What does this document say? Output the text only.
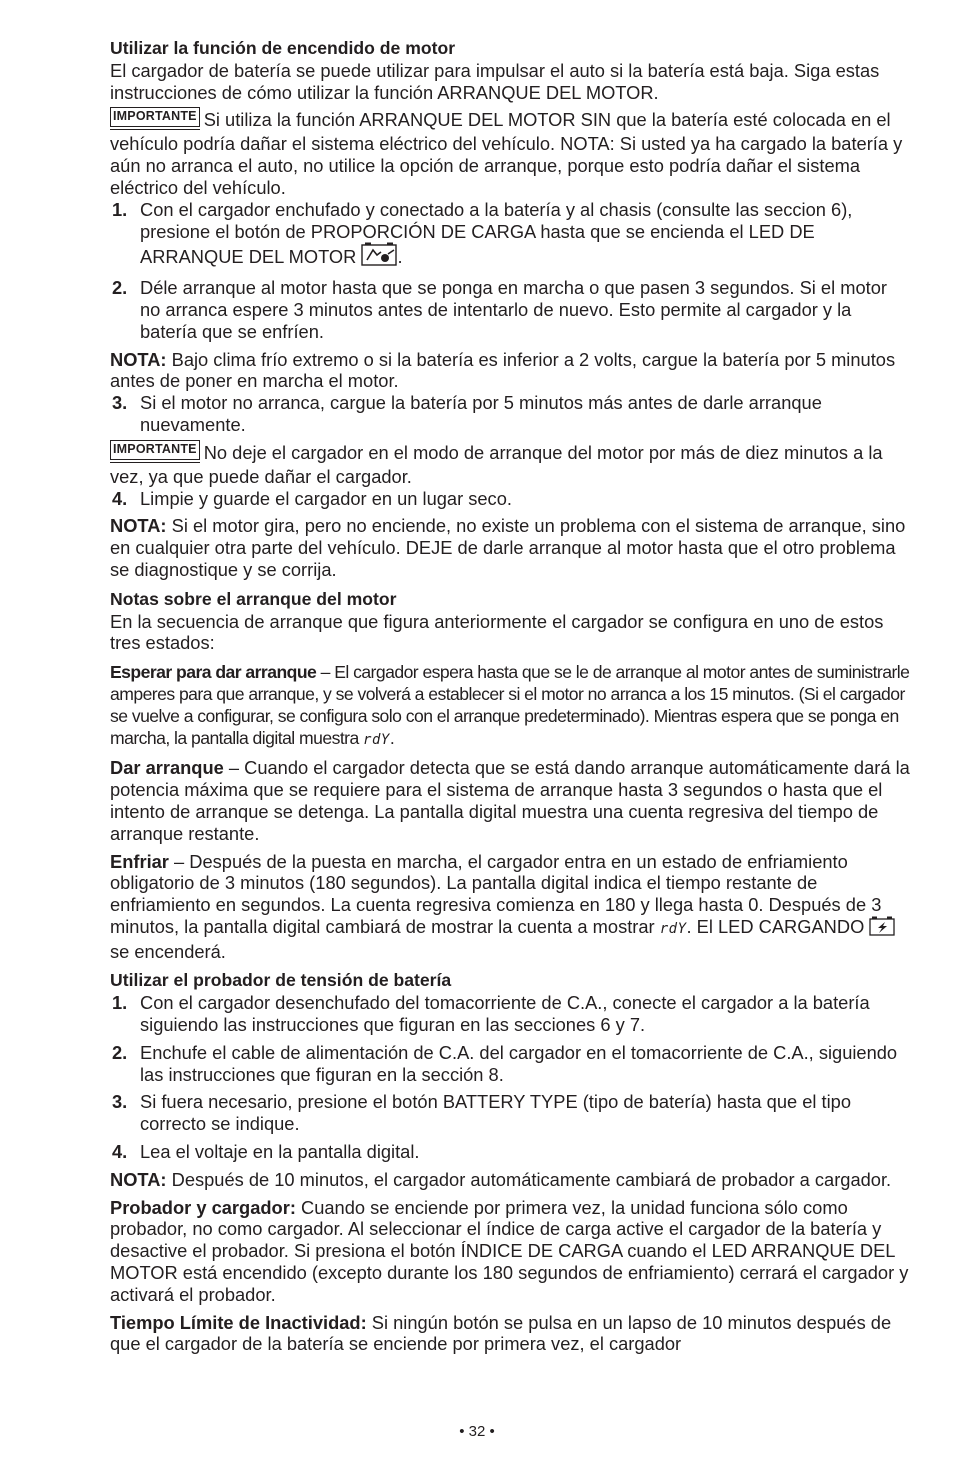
Utilizar la función de encendido de motor

El cargador de batería se puede utilizar para impulsar el auto si la batería está baja. Siga estas instrucciones de cómo utilizar la función ARRANQUE DEL MOTOR.

IMPORTANTE Si utiliza la función ARRANQUE DEL MOTOR SIN que la batería esté colocada en el vehículo podría dañar el sistema eléctrico del vehículo. NOTA: Si usted ya ha cargado la batería y aún no arranca el auto, no utilice la opción de arranque, porque esto podría dañar el sistema eléctrico del vehículo.

1. Con el cargador enchufado y conectado a la batería y al chasis (consulte las seccion 6), presione el botón de PROPORCIÓN DE CARGA hasta que se encienda el LED DE ARRANQUE DEL MOTOR .
2. Déle arranque al motor hasta que se ponga en marcha o que pasen 3 segundos. Si el motor no arranca espere 3 minutos antes de intentarlo de nuevo. Esto permite al cargador y la batería que se enfríen.

NOTA: Bajo clima frío extremo o si la batería es inferior a 2 volts, cargue la batería por 5 minutos antes de poner en marcha el motor.

3. Si el motor no arranca, cargue la batería por 5 minutos más antes de darle arranque nuevamente.

IMPORTANTE No deje el cargador en el modo de arranque del motor por más de diez minutos a la vez, ya que puede dañar el cargador.

4. Limpie y guarde el cargador en un lugar seco.

NOTA: Si el motor gira, pero no enciende, no existe un problema con el sistema de arranque, sino en cualquier otra parte del vehículo. DEJE de darle arranque al motor hasta que el otro problema se diagnostique y se corrija.

Notas sobre el arranque del motor

En la secuencia de arranque que figura anteriormente el cargador se configura en uno de estos tres estados:

Esperar para dar arranque – El cargador espera hasta que se le de arranque al motor antes de suministrarle amperes para que arranque, y se volverá a establecer si el motor no arranca a los 15 minutos. (Si el cargador se vuelve a configurar, se configura solo con el arranque predeterminado). Mientras espera que se ponga en marcha, la pantalla digital muestra rdY.

Dar arranque – Cuando el cargador detecta que se está dando arranque automáticamente dará la potencia máxima que se requiere para el sistema de arranque hasta 3 segundos o hasta que el intento de arranque se detenga. La pantalla digital muestra una cuenta regresiva del tiempo de arranque restante.

Enfriar – Después de la puesta en marcha, el cargador entra en un estado de enfriamiento obligatorio de 3 minutos (180 segundos). La pantalla digital indica el tiempo restante de enfriamiento en segundos. La cuenta regresiva comienza en 180 y llega hasta 0. Después de 3 minutos, la pantalla digital cambiará de mostrar la cuenta a mostrar rdY. El LED CARGANDO  se encenderá.

Utilizar el probador de tensión de batería

1. Con el cargador desenchufado del tomacorriente de C.A., conecte el cargador a la batería siguiendo las instrucciones que figuran en las secciones 6 y 7.
2. Enchufe el cable de alimentación de C.A. del cargador en el tomacorriente de C.A., siguiendo las instrucciones que figuran en la sección 8.
3. Si fuera necesario, presione el botón BATTERY TYPE (tipo de batería) hasta que el tipo correcto se indique.
4. Lea el voltaje en la pantalla digital.

NOTA: Después de 10 minutos, el cargador automáticamente cambiará de probador a cargador.

Probador y cargador: Cuando se enciende por primera vez, la unidad funciona sólo como probador, no como cargador. Al seleccionar el índice de carga active el cargador de la batería y desactive el probador. Si presiona el botón ÍNDICE DE CARGA cuando el LED ARRANQUE DEL MOTOR está encendido (excepto durante los 180 segundos de enfriamiento) cerrará el cargador y activará el probador.

Tiempo Límite de Inactividad: Si ningún botón se pulsa en un lapso de 10 minutos después de que el cargador de la batería se enciende por primera vez, el cargador

• 32 •
